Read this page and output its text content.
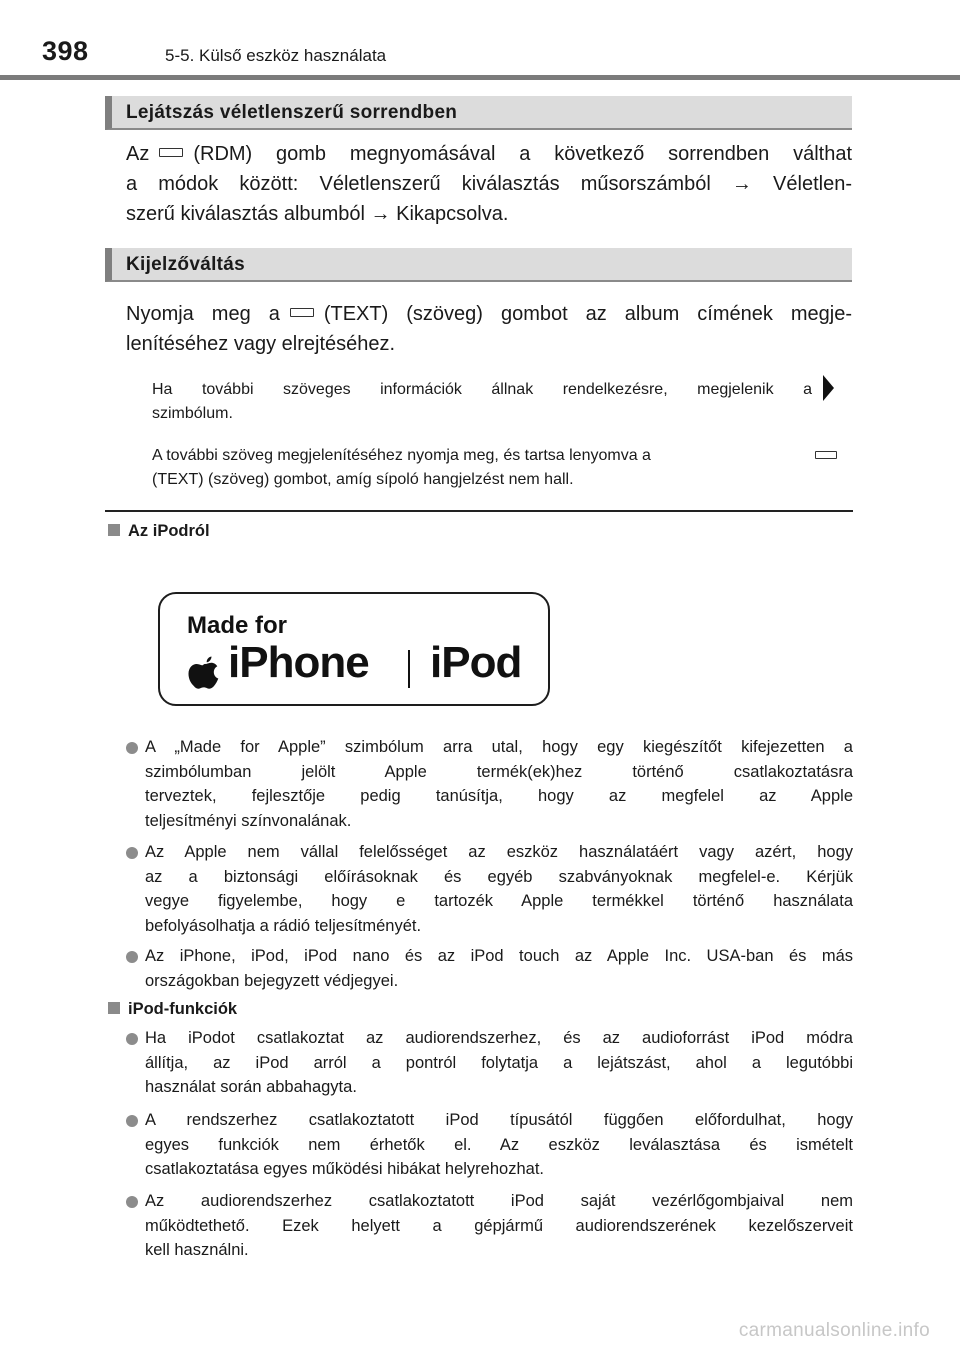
398	5-5. Külső eszköz használata
Lejátszás véletlenszerű sorrendben
Az (RDM) gomb megnyomásával a következő sorrendben válthat
a módok között: Véletlenszerű kiválasztás műsorszámból → Véletlen-
szerű kiválasztás albumból → Kikapcsolva.
Kijelzőváltás
Nyomja meg a (TEXT) (szöveg) gombot az album címének megje-
lenítéséhez vagy elrejtéséhez.
Ha további szöveges információk állnak rendelkezésre, megjelenik a
szimbólum.
A további szöveg megjelenítéséhez nyomja meg, és tartsa lenyomva a
(TEXT) (szöveg) gombot, amíg sípoló hangjelzést nem hall.
Az iPodról
Made for
iPhone iPod
A „Made for Apple” szimbólum arra utal, hogy egy kiegészítőt kifejezetten a
szimbólumban jelölt Apple termék(ek)hez történő csatlakoztatásra
terveztek, fejlesztője pedig tanúsítja, hogy az megfelel az Apple
teljesítményi színvonalának.
Az Apple nem vállal felelősséget az eszköz használatáért vagy azért, hogy
az a biztonsági előírásoknak és egyéb szabványoknak megfelel-e. Kérjük
vegye figyelembe, hogy e tartozék Apple termékkel történő használata
befolyásolhatja a rádió teljesítményét.
Az iPhone, iPod, iPod nano és az iPod touch az Apple Inc. USA-ban és más
országokban bejegyzett védjegyei.
iPod-funkciók
Ha iPodot csatlakoztat az audiorendszerhez, és az audioforrást iPod módra
állítja, az iPod arról a pontról folytatja a lejátszást, ahol a legutóbbi
használat során abbahagyta.
A rendszerhez csatlakoztatott iPod típusától függően előfordulhat, hogy
egyes funkciók nem érhetők el. Az eszköz leválasztása és ismételt
csatlakoztatása egyes működési hibákat helyrehozhat.
Az audiorendszerhez csatlakoztatott iPod saját vezérlőgombjaival nem
működtethető. Ezek helyett a gépjármű audiorendszerének kezelőszerveit
kell használni.
carmanualsonline.info
